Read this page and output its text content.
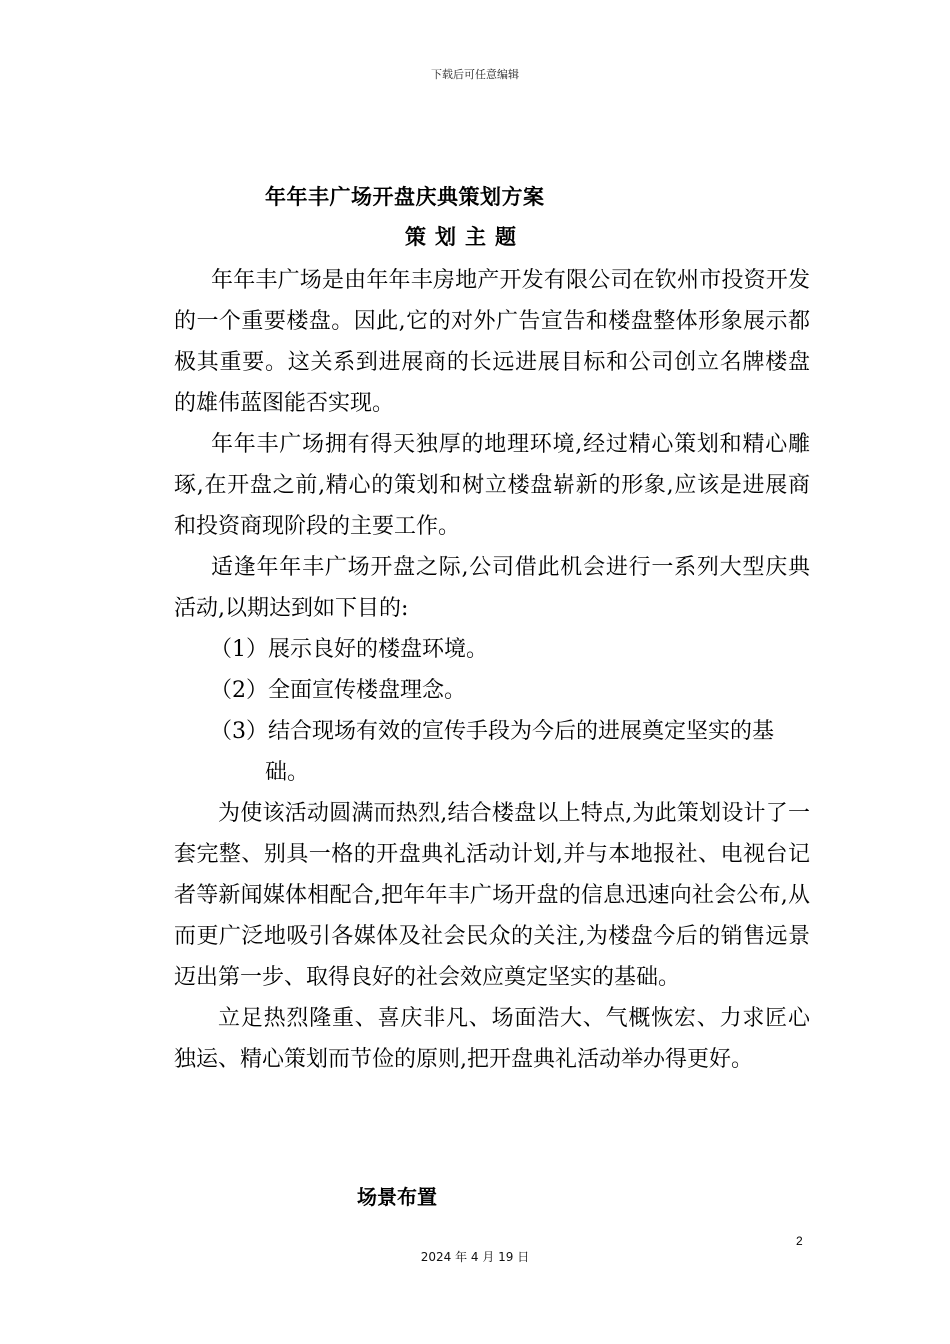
下载后可任意编辑
年年丰广场开盘庆典策划方案
策划主题

年年丰广场是由年年丰房地产开发有限公司在钦州市投资开发的一个重要楼盘。因此,它的对外广告宣告和楼盘整体形象展示都极其重要。这关系到进展商的长远进展目标和公司创立名牌楼盘的雄伟蓝图能否实现。

年年丰广场拥有得天独厚的地理环境,经过精心策划和精心雕琢,在开盘之前,精心的策划和树立楼盘崭新的形象,应该是进展商和投资商现阶段的主要工作。

适逢年年丰广场开盘之际,公司借此机会进行一系列大型庆典活动,以期达到如下目的:

（1）展示良好的楼盘环境。

（2）全面宣传楼盘理念。

（3）结合现场有效的宣传手段为今后的进展奠定坚实的基础。

为使该活动圆满而热烈,结合楼盘以上特点,为此策划设计了一套完整、别具一格的开盘典礼活动计划,并与本地报社、电视台记者等新闻媒体相配合,把年年丰广场开盘的信息迅速向社会公布,从而更广泛地吸引各媒体及社会民众的关注,为楼盘今后的销售远景迈出第一步、取得良好的社会效应奠定坚实的基础。

立足热烈隆重、喜庆非凡、场面浩大、气概恢宏、力求匠心独运、精心策划而节俭的原则,把开盘典礼活动举办得更好。

场景布置
2
2024 年 4 月 19 日
